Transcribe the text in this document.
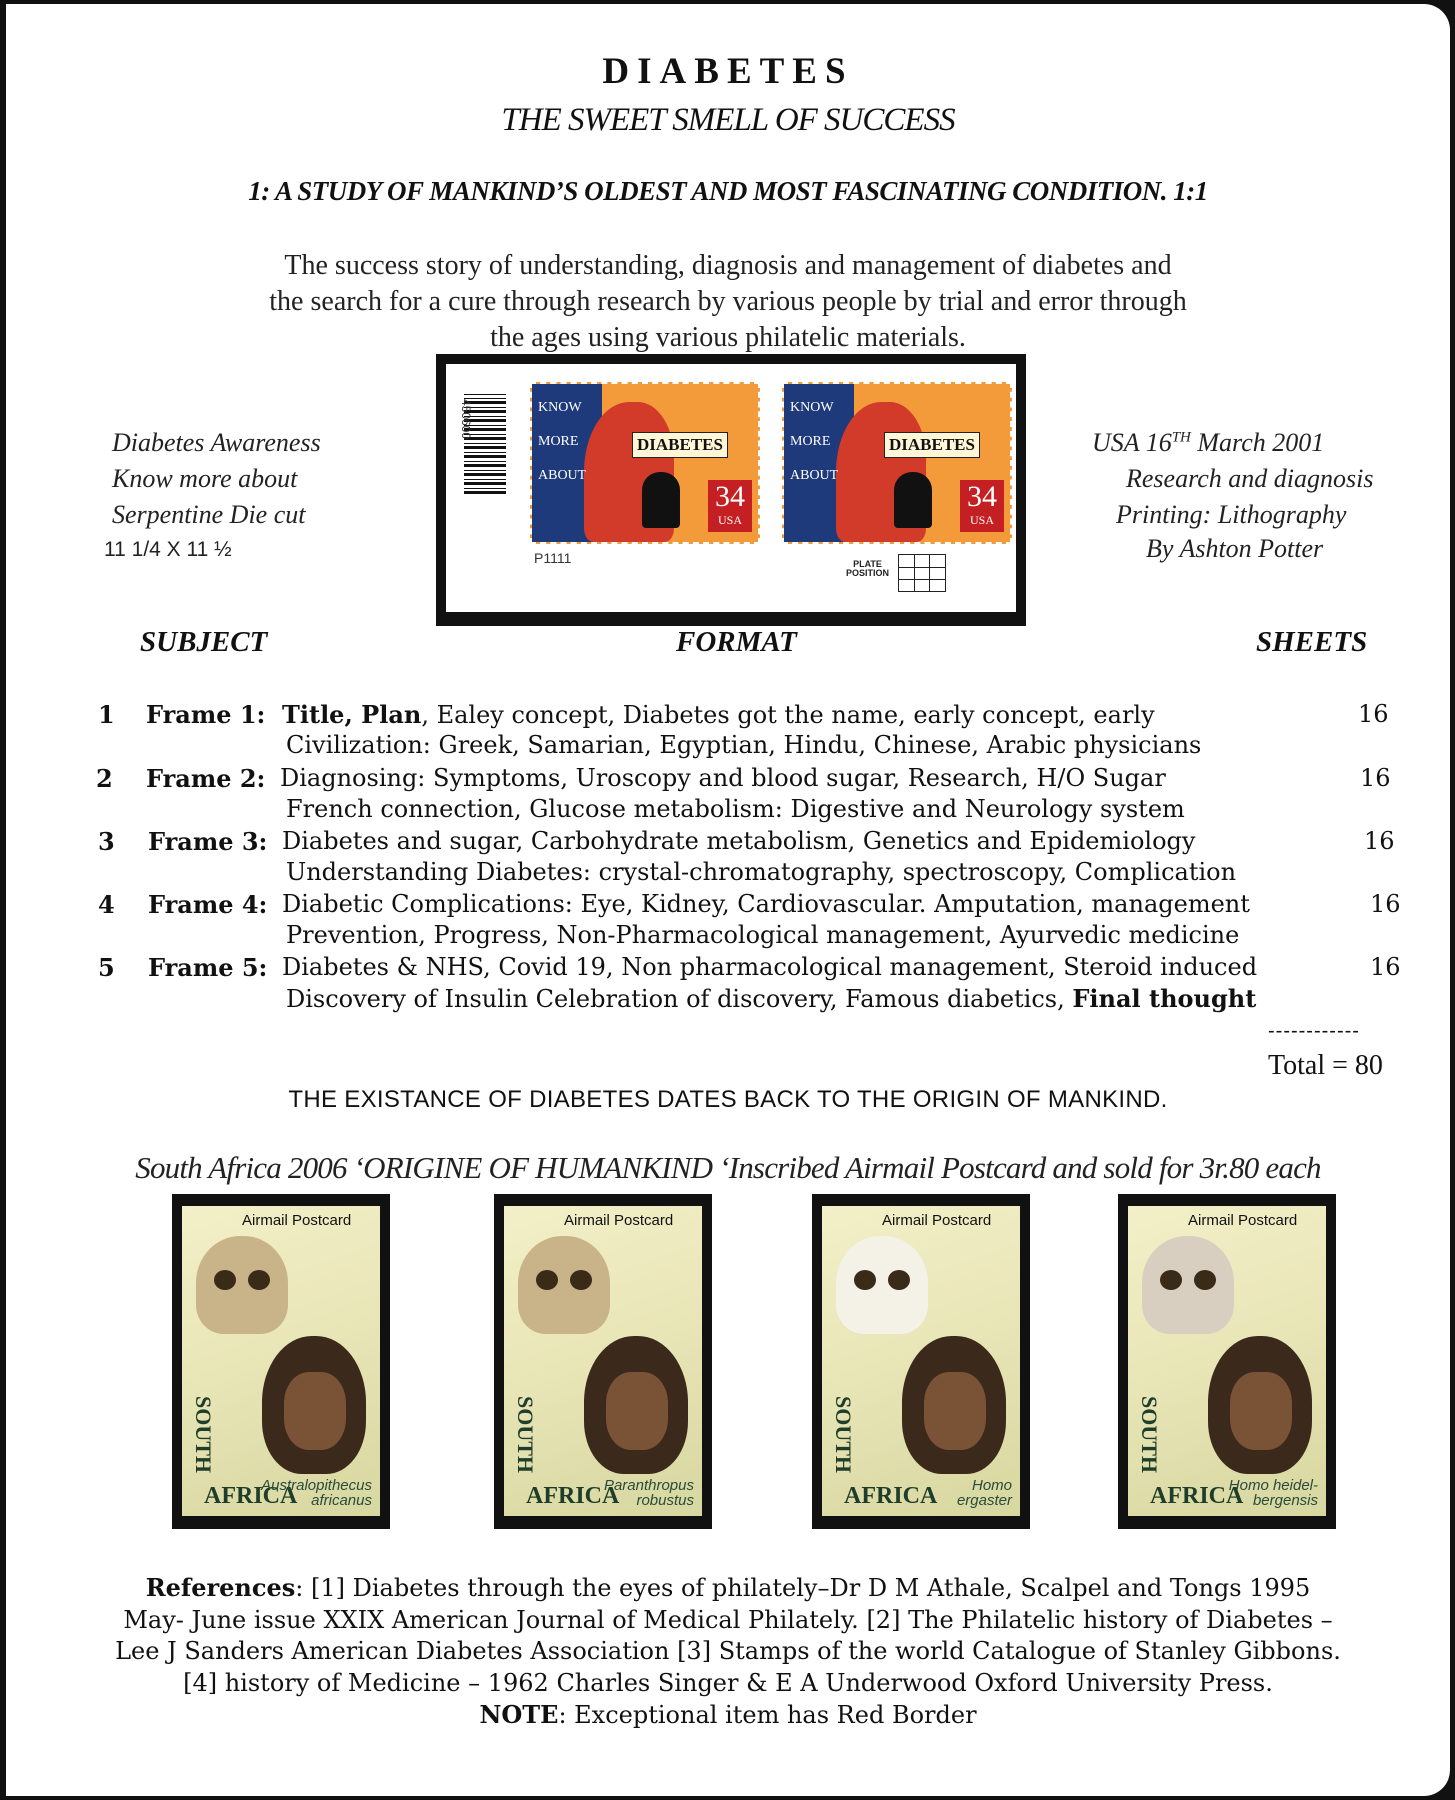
DIABETES
THE SWEET SMELL OF SUCCESS
1: A STUDY OF MANKIND’S OLDEST AND MOST FASCINATING CONDITION. 1:1
The success story of understanding, diagnosis and management of diabetes and
the search for a cure through research by various people by trial and error through
the ages using various philatelic materials.
Diabetes Awareness
Know more about
Serpentine Die cut
11 1/4 X 11 ½
USA 16TH March 2001
Research and diagnosis
Printing: Lithography
By Ashton Potter
450600	KNOW
MORE
ABOUT
DIABETES
34
USA
KNOW
MORE
ABOUT
DIABETES
34
USA
P1111	PLATE
POSITION
SUBJECT	FORMAT	SHEETS
1 Frame 1: Title, Plan, Ealey concept, Diabetes got the name, early concept, early	16
Civilization: Greek, Samarian, Egyptian, Hindu, Chinese, Arabic physicians
2 Frame 2: Diagnosing: Symptoms, Uroscopy and blood sugar, Research, H/O Sugar	16
French connection, Glucose metabolism: Digestive and Neurology system
3 Frame 3: Diabetes and sugar, Carbohydrate metabolism, Genetics and Epidemiology	16
Understanding Diabetes: crystal-chromatography, spectroscopy, Complication
4 Frame 4: Diabetic Complications: Eye, Kidney, Cardiovascular. Amputation, management	16
Prevention, Progress, Non-Pharmacological management, Ayurvedic medicine
5 Frame 5: Diabetes & NHS, Covid 19, Non pharmacological management, Steroid induced	16
Discovery of Insulin Celebration of discovery, Famous diabetics, Final thought
------------
Total = 80
THE EXISTANCE OF DIABETES DATES BACK TO THE ORIGIN OF MANKIND.
South Africa 2006 ‘ORIGINE OF HUMANKIND ‘Inscribed Airmail Postcard and sold for 3r.80 each
Airmail Postcard
SOUTH
AFRICA
Australopithecus
africanus
Airmail Postcard
SOUTH
AFRICA
Paranthropus
robustus
Airmail Postcard
SOUTH
AFRICA	Homo
ergaster
Airmail Postcard
SOUTH
AFRICA
Homo heidel-
bergensis
References: [1] Diabetes through the eyes of philately–Dr D M Athale, Scalpel and Tongs 1995
May- June issue XXIX American Journal of Medical Philately. [2] The Philatelic history of Diabetes –
Lee J Sanders American Diabetes Association [3] Stamps of the world Catalogue of Stanley Gibbons.
[4] history of Medicine – 1962 Charles Singer & E A Underwood Oxford University Press.
NOTE: Exceptional item has Red Border
